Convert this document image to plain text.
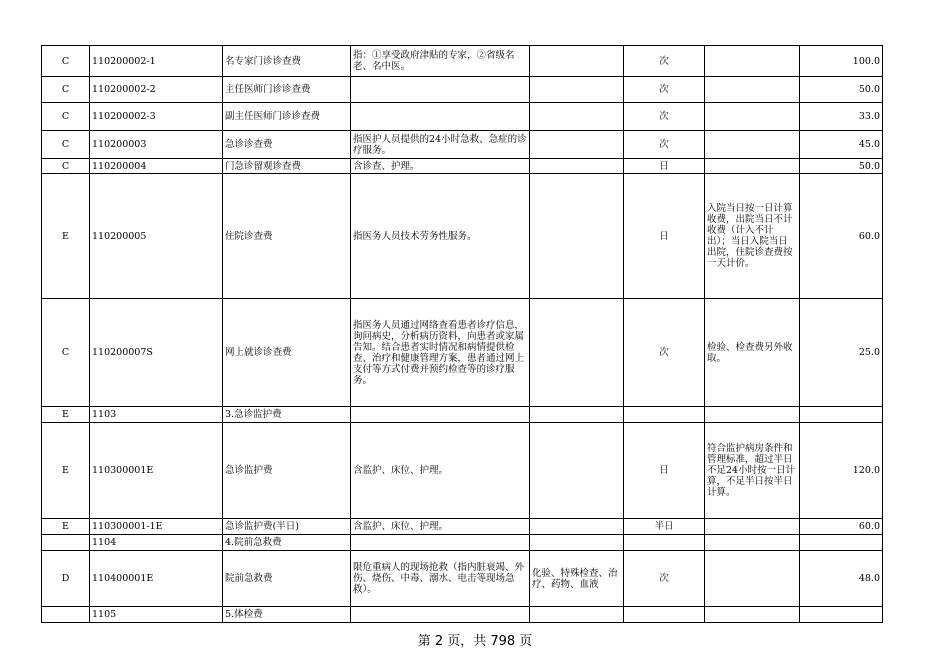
C	110200002-1	名专家门诊诊查费	指：①享受政府津贴的专家，②省级名老、名中医。		次		100.0
C	110200002-2	主任医师门诊诊查费			次		50.0
C	110200002-3	副主任医师门诊诊查费			次		33.0
C	110200003	急诊诊查费	指医护人员提供的24小时急救、急症的诊疗服务。		次		45.0
C	110200004	门急诊留观诊查费	含诊查、护理。		日		50.0
E	110200005	住院诊查费	指医务人员技术劳务性服务。		日	入院当日按一日计算收费，出院当日不计收费（计入不计出）；当日入院当日出院，住院诊查费按一天计价。	60.0
C	110200007S	网上就诊诊查费	指医务人员通过网络查看患者诊疗信息，询问病史，分析病历资料，向患者或家属告知。结合患者实时情况和病情提供检查、治疗和健康管理方案，患者通过网上支付等方式付费并预约检查等的诊疗服务。		次	检验、检查费另外收取。	25.0
E	1103	3.急诊监护费					
E	110300001E	急诊监护费	含监护、床位、护理。		日	符合监护病房条件和管理标准，超过半日不足24小时按一日计算，不足半日按半日计算。	120.0
E	110300001-1E	急诊监护费(半日)	含监护、床位、护理。		半日		60.0
	1104	4.院前急救费					
D	110400001E	院前急救费	限危重病人的现场抢救（指内脏衰竭、外伤、烧伤、中毒、溺水、电击等现场急救）。	化验、特殊检查、治疗、药物、血液	次		48.0
	1105	5.体检费					
第 2 页，共 798 页
